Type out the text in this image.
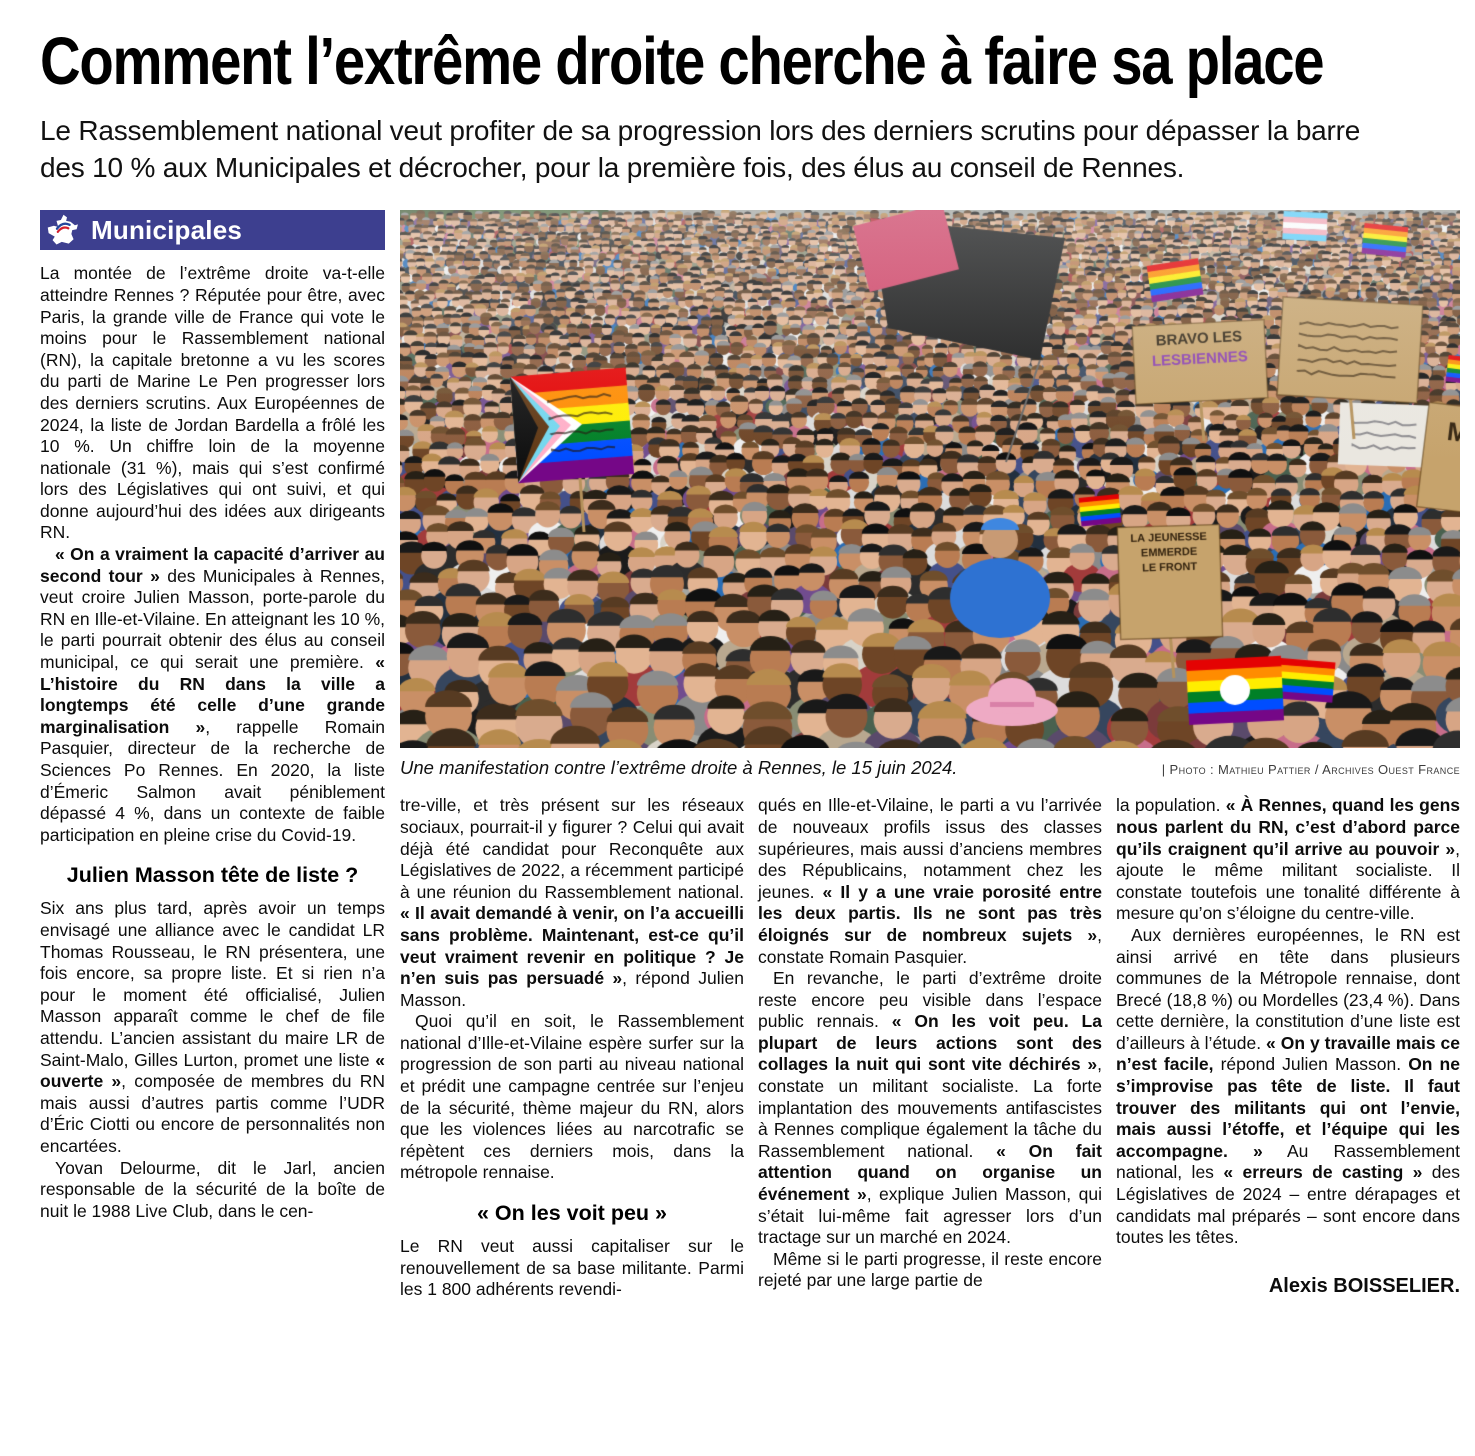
Comment l’extrême droite cherche à faire sa place

Le Rassemblement national veut profiter de sa progression lors des derniers scrutins pour dépasser la barre des 10 % aux Municipales et décrocher, pour la première fois, des élus au conseil de Rennes.

Municipales

La montée de l’extrême droite va-t-elle atteindre Rennes ? Réputée pour être, avec Paris, la grande ville de France qui vote le moins pour le Rassemblement national (RN), la capitale bretonne a vu les scores du parti de Marine Le Pen progresser lors des derniers scrutins. Aux Européennes de 2024, la liste de Jordan Bardella a frôlé les 10 %. Un chiffre loin de la moyenne nationale (31 %), mais qui s’est confirmé lors des Législatives qui ont suivi, et qui donne aujourd’hui des idées aux dirigeants RN.

« On a vraiment la capacité d’arriver au second tour » des Municipales à Rennes, veut croire Julien Masson, porte-parole du RN en Ille-et-Vilaine. En atteignant les 10 %, le parti pourrait obtenir des élus au conseil municipal, ce qui serait une première. « L’histoire du RN dans la ville a longtemps été celle d’une grande marginalisation », rappelle Romain Pasquier, directeur de la recherche de Sciences Po Rennes. En 2020, la liste d’Émeric Salmon avait péniblement dépassé 4 %, dans un contexte de faible participation en pleine crise du Covid-19.

Julien Masson tête de liste ?

Six ans plus tard, après avoir un temps envisagé une alliance avec le candidat LR Thomas Rousseau, le RN présentera, une fois encore, sa propre liste. Et si rien n’a pour le moment été officialisé, Julien Masson apparaît comme le chef de file attendu. L’ancien assistant du maire LR de Saint-Malo, Gilles Lurton, promet une liste « ouverte », composée de membres du RN mais aussi d’autres partis comme l’UDR d’Éric Ciotti ou encore de personnalités non encartées.

Yovan Delourme, dit le Jarl, ancien responsable de la sécurité de la boîte de nuit le 1988 Live Club, dans le cen-

Une manifestation contre l’extrême droite à Rennes, le 15 juin 2024.	| Photo : Mathieu Pattier / Archives Ouest France

tre-ville, et très présent sur les réseaux sociaux, pourrait-il y figurer ? Celui qui avait déjà été candidat pour Reconquête aux Législatives de 2022, a récemment participé à une réunion du Rassemblement national. « Il avait demandé à venir, on l’a accueilli sans problème. Maintenant, est-ce qu’il veut vraiment revenir en politique ? Je n’en suis pas persuadé », répond Julien Masson.

Quoi qu’il en soit, le Rassemblement national d’Ille-et-Vilaine espère surfer sur la progression de son parti au niveau national et prédit une campagne centrée sur l’enjeu de la sécurité, thème majeur du RN, alors que les violences liées au narcotrafic se répètent ces derniers mois, dans la métropole rennaise.

« On les voit peu »

Le RN veut aussi capitaliser sur le renouvellement de sa base militante. Parmi les 1 800 adhérents revendi-

qués en Ille-et-Vilaine, le parti a vu l’arrivée de nouveaux profils issus des classes supérieures, mais aussi d’anciens membres des Républicains, notamment chez les jeunes. « Il y a une vraie porosité entre les deux partis. Ils ne sont pas très éloignés sur de nombreux sujets », constate Romain Pasquier.

En revanche, le parti d’extrême droite reste encore peu visible dans l’espace public rennais. « On les voit peu. La plupart de leurs actions sont des collages la nuit qui sont vite déchirés », constate un militant socialiste. La forte implantation des mouvements antifascistes à Rennes complique également la tâche du Rassemblement national. « On fait attention quand on organise un événement », explique Julien Masson, qui s’était lui-même fait agresser lors d’un tractage sur un marché en 2024.

Même si le parti progresse, il reste encore rejeté par une large partie de

la population. « À Rennes, quand les gens nous parlent du RN, c’est d’abord parce qu’ils craignent qu’il arrive au pouvoir », ajoute le même militant socialiste. Il constate toutefois une tonalité différente à mesure qu’on s’éloigne du centre-ville.

Aux dernières européennes, le RN est ainsi arrivé en tête dans plusieurs communes de la Métropole rennaise, dont Brecé (18,8 %) ou Mordelles (23,4 %). Dans cette dernière, la constitution d’une liste est d’ailleurs à l’étude. « On y travaille mais ce n’est facile, répond Julien Masson. On ne s’improvise pas tête de liste. Il faut trouver des militants qui ont l’envie, mais aussi l’étoffe, et l’équipe qui les accompagne. » Au Rassemblement national, les « erreurs de casting » des Législatives de 2024 – entre dérapages et candidats mal préparés – sont encore dans toutes les têtes.

Alexis BOISSELIER.
